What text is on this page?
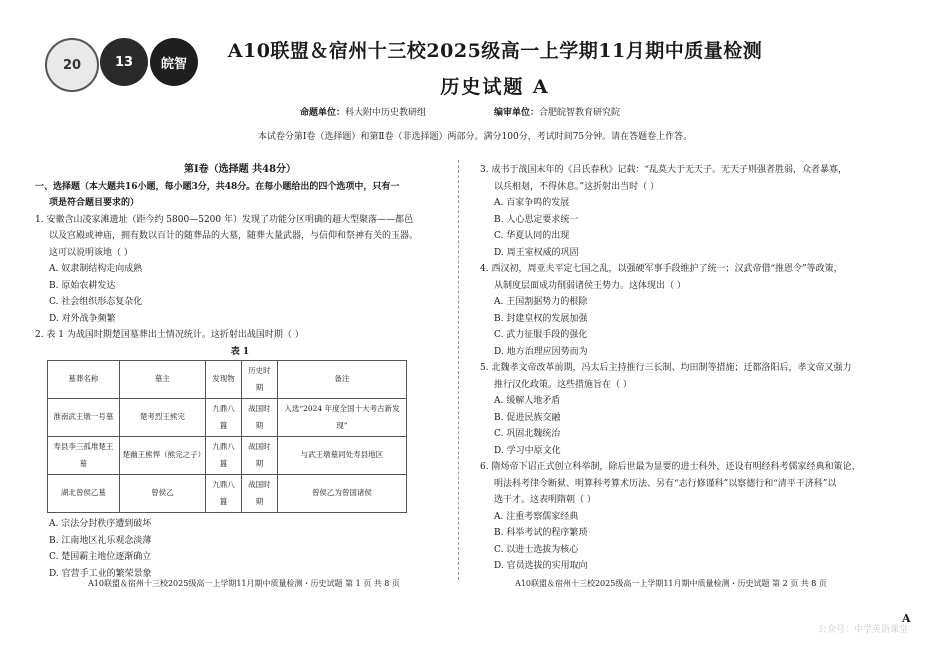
20	13 皖智
A10联盟＆宿州十三校2025级高一上学期11月期中质量检测
历史试题 A
命题单位：科大附中历史教研组	编审单位：合肥皖智教育研究院
本试卷分第Ⅰ卷（选择题）和第Ⅱ卷（非选择题）两部分。满分100分，考试时间75分钟。请在答题卷上作答。

第Ⅰ卷（选择题 共48分）

一、选择题（本大题共16小题，每小题3分，共48分。在每小题给出的四个选项中，只有一

项是符合题目要求的）

1. 安徽含山凌家滩遗址（距今约 5800—5200 年）发现了功能分区明确的超大型聚落——都邑

以及宫殿或神庙，拥有数以百计的随葬品的大墓，随葬大量武器，与信仰和祭神有关的玉器。

这可以说明该地（ ）

A. 奴隶制结构走向成熟

B. 原始农耕发达

C. 社会组织形态复杂化

D. 对外战争频繁

2. 表 1 为战国时期楚国墓葬出土情况统计。这折射出战国时期（ ）

表 1

墓葬名称	墓主	发现物	历史时期	备注
淮南武王墩一号墓	楚考烈王熊完	九鼎八簋	战国时期	入选“2024 年度全国十大考古新发现”
寿县李三孤堆楚王墓	楚幽王熊悍（熊完之子）	九鼎八簋	战国时期	与武王墩墓同处寿县地区
湖北曾侯乙墓	曾侯乙	九鼎八簋	战国时期	曾侯乙为曾国诸侯

A. 宗法分封秩序遭到破坏

B. 江南地区礼乐观念淡薄

C. 楚国霸主地位逐渐确立

D. 官营手工业的繁荣景象

3. 成书于战国末年的《吕氏春秋》记载：“乱莫大于无天子。无天子则强者胜弱，众者暴寡，

以兵相刬，不得休息。”这折射出当时（ ）

A. 百家争鸣的发展

B. 人心思定要求统一

C. 华夏认同的出现

D. 周王室权威的巩固

4. 西汉初，周亚夫平定七国之乱，以强硬军事手段维护了统一；汉武帝借“推恩令”等政策，

从制度层面成功削弱诸侯王势力。这体现出（ ）

A. 王国割据势力的根除

B. 封建皇权的发展加强

C. 武力征服手段的强化

D. 地方治理应因势而为

5. 北魏孝文帝改革前期，冯太后主持推行三长制、均田制等措施；迁都洛阳后，孝文帝又强力

推行汉化政策。这些措施旨在（ ）

A. 缓解人地矛盾

B. 促进民族交融

C. 巩固北魏统治

D. 学习中原文化

6. 隋炀帝下诏正式创立科举制，除后世最为显要的进士科外，还设有明经科考儒家经典和策论、

明法科考律令断狱、明算科考算术历法、另有“志行修谨科”以察德行和“清平干济科”以

选干才。这表明隋朝（ ）

A. 注重考察儒家经典

B. 科举考试的程序繁琐

C. 以进士选拔为核心

D. 官员选拔的实用取向

A10联盟＆宿州十三校2025级高一上学期11月期中质量检测・历史试题 第 1 页 共 8 页	A10联盟＆宿州十三校2025级高一上学期11月期中质量检测・历史试题 第 2 页 共 8 页
A
公众号：中学英语课堂
